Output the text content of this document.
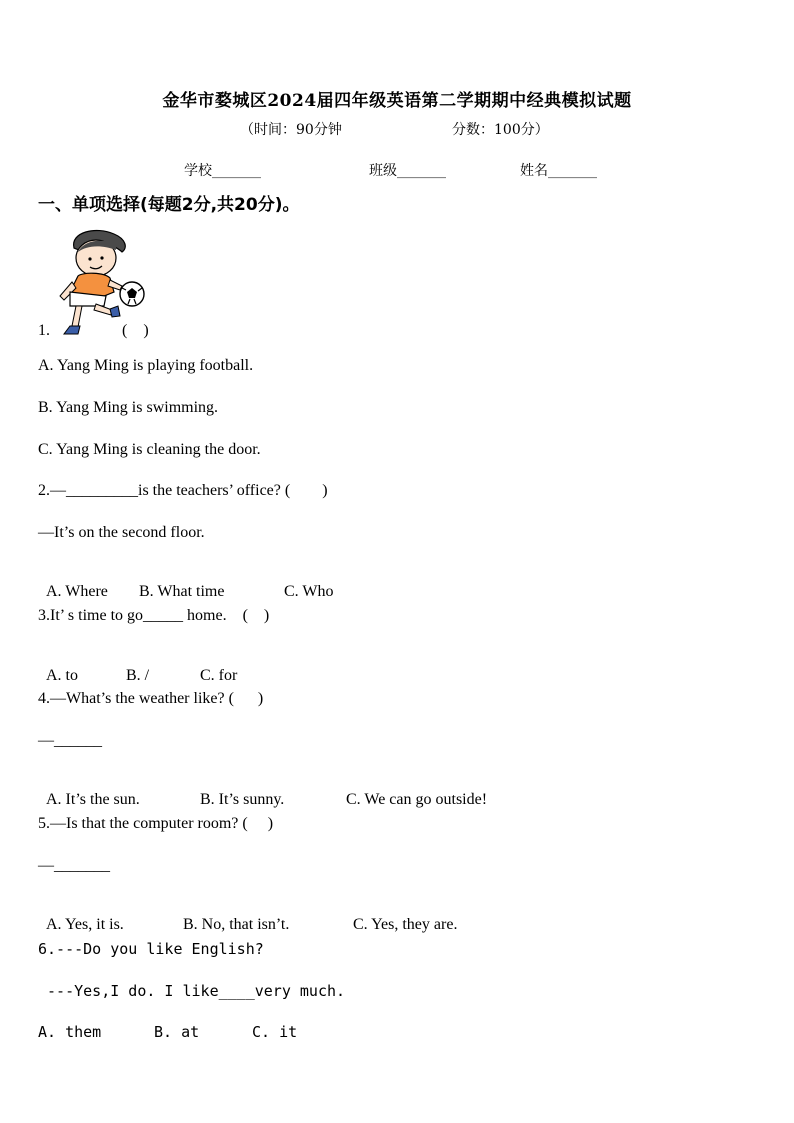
金华市婺城区2024届四年级英语第二学期期中经典模拟试题
（时间：90分钟	分数：100分）
学校_______	班级_______	姓名_______
一、单项选择(每题2分,共20分)。
1.                  (    )
A. Yang Ming is playing football.
B. Yang Ming is swimming.
C. Yang Ming is cleaning the door.
2.—_________is the teachers’ office? (        )
—It’s on the second floor.

A. Where B. What time	C. Who

3.It’ s time to go_____ home.    (    )

A. to	B. /	C. for

4.—What’s the weather like? (      )
—______

A. It’s the sun.	B. It’s sunny.	C. We can go outside!

5.—Is that the computer room? (     )
—_______

A. Yes, it is.	B. No, that isn’t.	C. Yes, they are.

6.---Do you like English?
---Yes,I do. I like____very much.
A. them	B. at	C. it
